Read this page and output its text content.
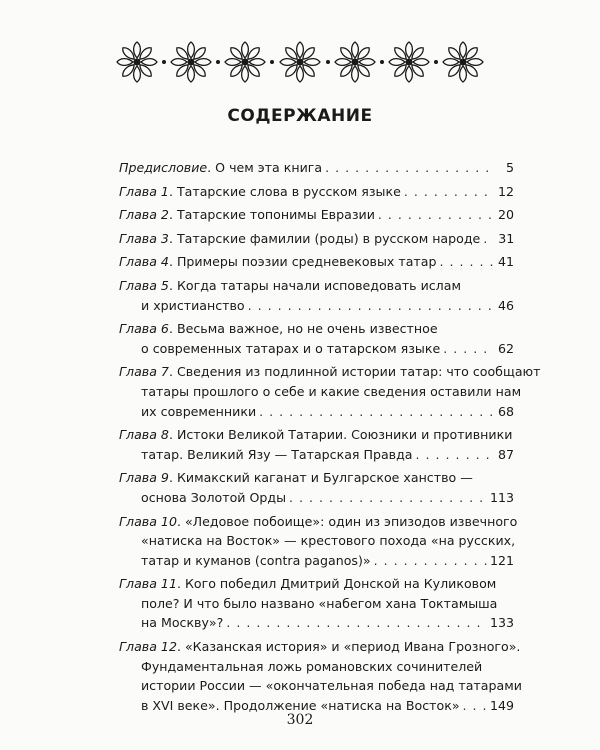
СОДЕРЖАНИЕ
Предисловие . О чем эта книга . . .	5
Глава 1 . Татарские слова в русском языке . . .	12
Глава 2 . Татарские топонимы Евразии . . .	20
Глава 3 . Татарские фамилии (роды) в русском народе . . . 31
Глава 4 . Примеры поэзии средневековых татар . . .	41
Глава 5 . Когда татары начали исповедовать ислам
и христианство . . .	46
Глава 6 . Весьма важное, но не очень известное
о современных татарах и о татарском языке . . .	62
Глава 7 . Сведения из подлинной истории татар: что сообщают
татары прошлого о себе и какие сведения оставили нам
их современники . . .	68
Глава 8 . Истоки Великой Татарии. Союзники и противники
татар. Великий Язу — Татарская Правда . . .	87
Глава 9 . Кимакский каганат и Булгарское ханство —
основа Золотой Орды . . .	113
Глава 10 . «Ледовое побоище»: один из эпизодов извечного
«натиска на Восток» — крестового похода «на русских,
татар и куманов (contra paganos)» . . .	121
Глава 11 . Кого победил Дмитрий Донской на Куликовом
поле? И что было названо «набегом хана Токтамыша
на Москву»? . . .	133
Глава 12 . «Казанская история» и «период Ивана Грозного».
Фундаментальная ложь романовских сочинителей
истории России — «окончательная победа над татарами
в XVI веке». Продолжение «натиска на Восток» . . . 149
302
